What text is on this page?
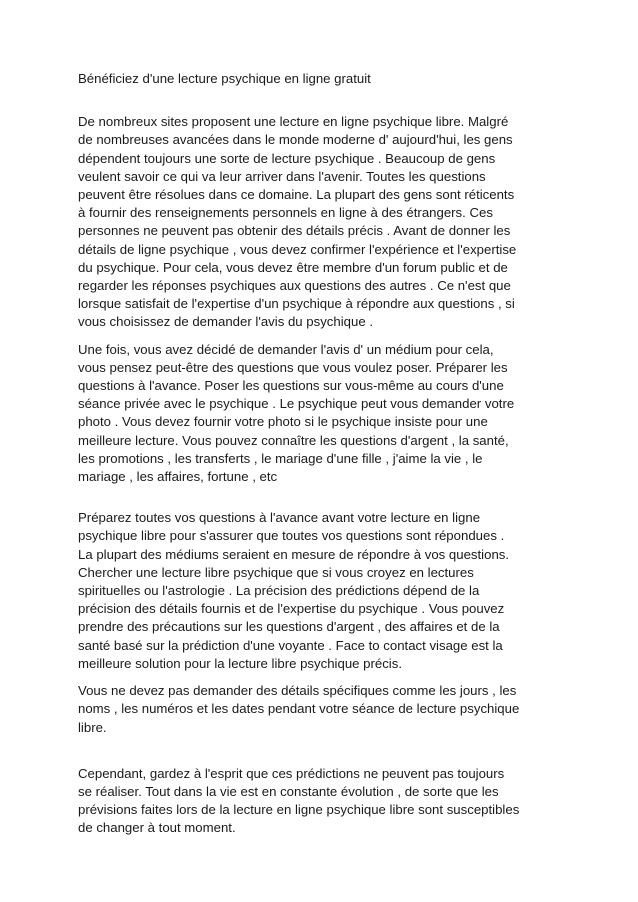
Bénéficiez d'une lecture psychique en ligne gratuit

De nombreux sites proposent une lecture en ligne psychique libre. Malgré
de nombreuses avancées dans le monde moderne d' aujourd'hui, les gens
dépendent toujours une sorte de lecture psychique . Beaucoup de gens
veulent savoir ce qui va leur arriver dans l'avenir. Toutes les questions
peuvent être résolues dans ce domaine. La plupart des gens sont réticents
à fournir des renseignements personnels en ligne à des étrangers. Ces
personnes ne peuvent pas obtenir des détails précis . Avant de donner les
détails de ligne psychique , vous devez confirmer l'expérience et l'expertise
du psychique. Pour cela, vous devez être membre d'un forum public et de
regarder les réponses psychiques aux questions des autres . Ce n'est que
lorsque satisfait de l'expertise d'un psychique à répondre aux questions , si
vous choisissez de demander l'avis du psychique .

Une fois, vous avez décidé de demander l'avis d' un médium pour cela,
vous pensez peut-être des questions que vous voulez poser. Préparer les
questions à l'avance. Poser les questions sur vous-même au cours d'une
séance privée avec le psychique . Le psychique peut vous demander votre
photo . Vous devez fournir votre photo si le psychique insiste pour une
meilleure lecture. Vous pouvez connaître les questions d'argent , la santé,
les promotions , les transferts , le mariage d'une fille , j'aime la vie , le
mariage , les affaires, fortune , etc

Préparez toutes vos questions à l'avance avant votre lecture en ligne
psychique libre pour s'assurer que toutes vos questions sont répondues .
La plupart des médiums seraient en mesure de répondre à vos questions.
Chercher une lecture libre psychique que si vous croyez en lectures
spirituelles ou l'astrologie . La précision des prédictions dépend de la
précision des détails fournis et de l'expertise du psychique . Vous pouvez
prendre des précautions sur les questions d'argent , des affaires et de la
santé basé sur la prédiction d'une voyante . Face to contact visage est la
meilleure solution pour la lecture libre psychique précis.

Vous ne devez pas demander des détails spécifiques comme les jours , les
noms , les numéros et les dates pendant votre séance de lecture psychique
libre.

Cependant, gardez à l'esprit que ces prédictions ne peuvent pas toujours
se réaliser. Tout dans la vie est en constante évolution , de sorte que les
prévisions faites lors de la lecture en ligne psychique libre sont susceptibles
de changer à tout moment.
